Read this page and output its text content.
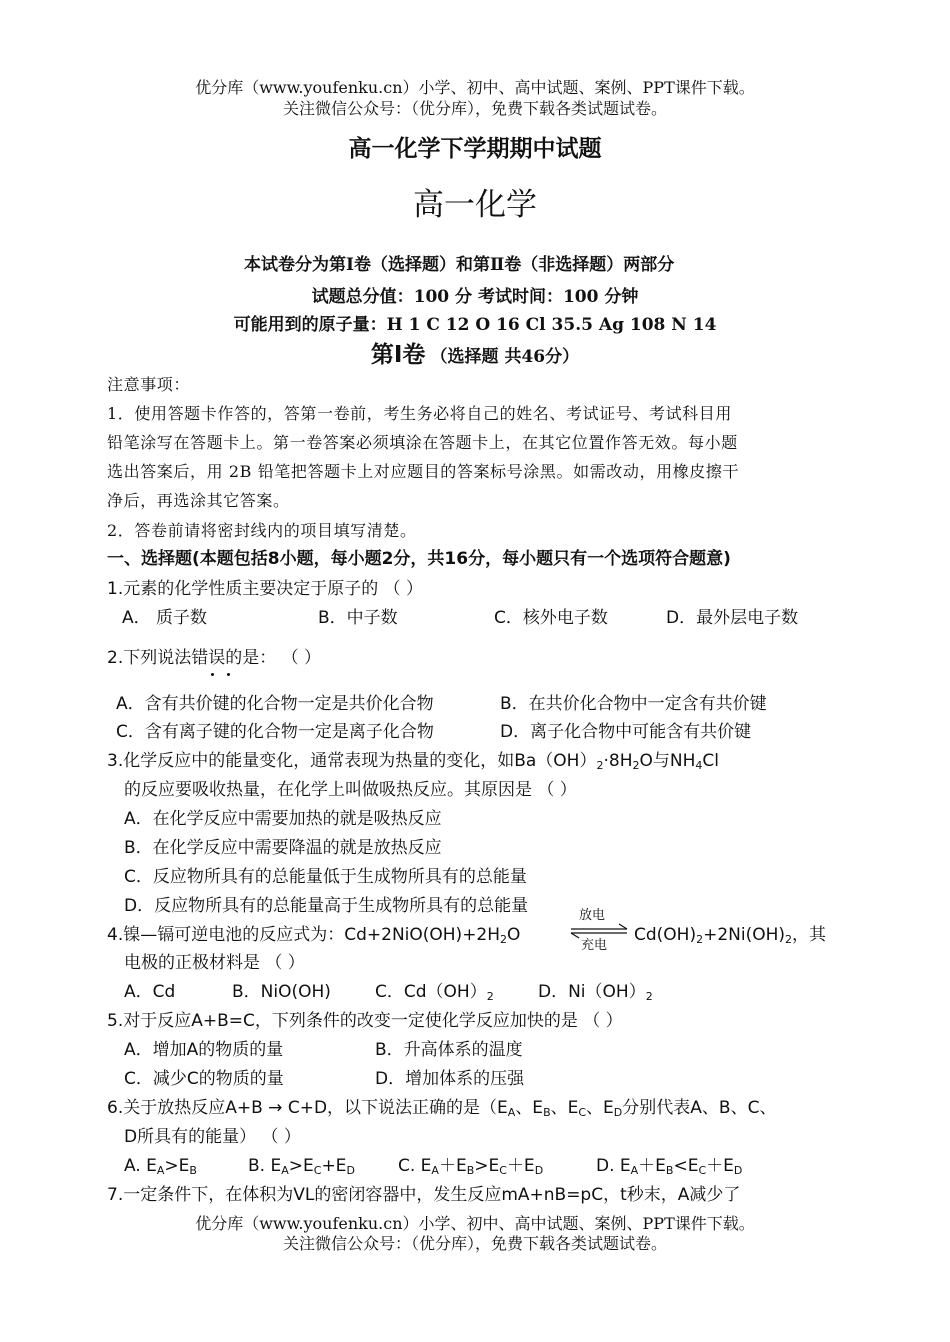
优分库（www.youfenku.cn）小学、初中、高中试题、案例、PPT课件下载。
关注微信公众号：（优分库），免费下载各类试题试卷。
高一化学下学期期中试题
高一化学
本试卷分为第Ⅰ卷（选择题）和第Ⅱ卷（非选择题）两部分
试题总分值：100 分 考试时间：100 分钟
可能用到的原子量：H 1 C 12 O 16 Cl 35.5 Ag 108 N 14
第Ⅰ卷 （选择题 共46分）
注意事项：
1．使用答题卡作答的，答第一卷前，考生务必将自己的姓名、考试证号、考试科目用
铅笔涂写在答题卡上。第一卷答案必须填涂在答题卡上，在其它位置作答无效。每小题
选出答案后，用 2B 铅笔把答题卡上对应题目的答案标号涂黑。如需改动，用橡皮擦干
净后，再选涂其它答案。
2．答卷前请将密封线内的项目填写清楚。
一、选择题(本题包括8小题，每小题2分，共16分，每小题只有一个选项符合题意)
1.元素的化学性质主要决定于原子的 （ ）
A． 质子数	B．中子数	C．核外电子数	D．最外层电子数
2.下列说法错误的是： （ ）
A．含有共价键的化合物一定是共价化合物	B．在共价化合物中一定含有共价键
C．含有离子键的化合物一定是离子化合物	D．离子化合物中可能含有共价键
3.化学反应中的能量变化，通常表现为热量的变化，如$Ba(OH)_2\cdot 8H_2O$与$NH_4Cl$
的反应要吸收热量，在化学上叫做吸热反应。其原因是 （ ）
A．在化学反应中需要加热的就是吸热反应
B．在化学反应中需要降温的就是放热反应
C．反应物所具有的总能量低于生成物所具有的总能量
D．反应物所具有的总能量高于生成物所具有的总能量
4.镍—镉可逆电池的反应式为：$Cd+2NiO(OH)+2H_2O$
放电
充电
$Cd(OH)_2+2Ni(OH)_2$，其
电极的正极材料是 （ ）
A．Cd	B．NiO(OH)	C．$Cd(OH)_2$	D．$Ni(OH)_2$
5.对于反应A+B=C，下列条件的改变一定使化学反应加快的是 （ ）
A．增加A的物质的量	B．升高体系的温度
C．减少C的物质的量	D．增加体系的压强
6.关于放热反应A+B → C+D，以下说法正确的是（$E_A$、$E_B$、$E_C$、$E_D$分别代表A、B、C、
D所具有的能量） （ ）
A. $E_A>E_B$	B. $E_A>E_C+E_D$	C. $E_A+E_B>E_C+E_D$	D. $E_A+E_B<E_C+E_D$
7.一定条件下，在体积为VL的密闭容器中，发生反应mA+nB=pC，t秒末，A减少了
优分库（www.youfenku.cn）小学、初中、高中试题、案例、PPT课件下载。
关注微信公众号：（优分库），免费下载各类试题试卷。
